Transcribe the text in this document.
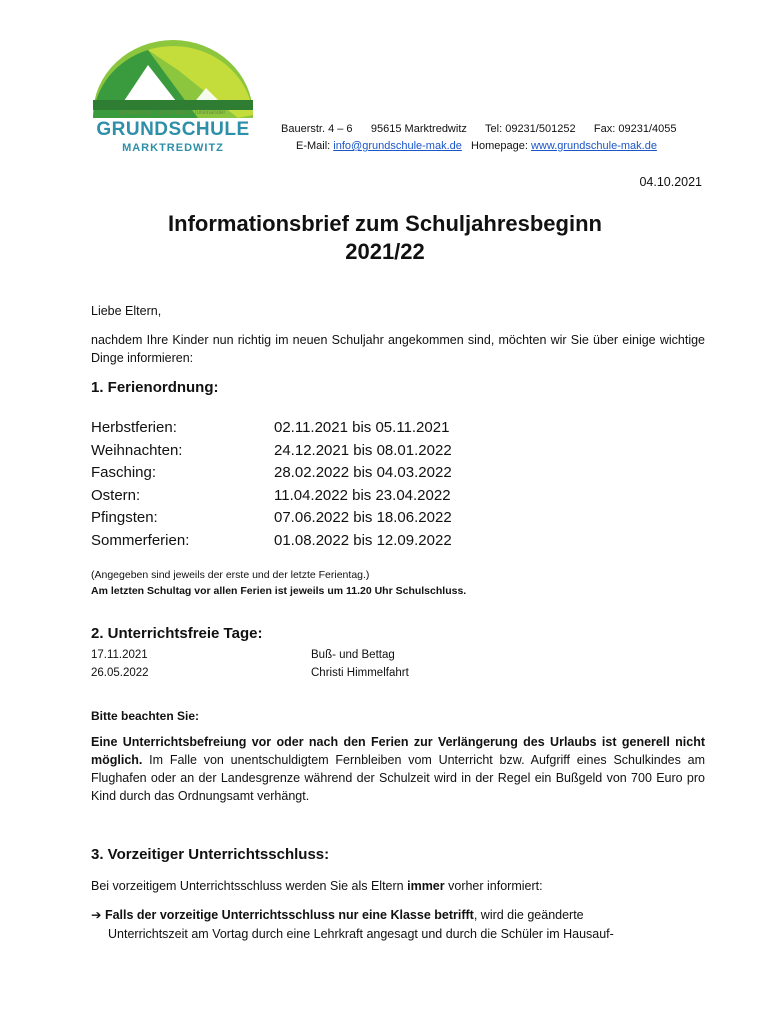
miteinander · voneinander · füreinander
GRUNDSCHULE
MARKTREDWITZ
Bauerstr. 4 – 6 95615 Marktredwitz Tel: 09231/501252 Fax: 09231/4055
E-Mail: info@grundschule-mak.de Homepage: www.grundschule-mak.de
04.10.2021
Informationsbrief zum Schuljahresbeginn
2021/22
Liebe Eltern,
nachdem Ihre Kinder nun richtig im neuen Schuljahr angekommen sind, möchten wir Sie über einige wichtige Dinge informieren:
1. Ferienordnung:
Herbstferien:	02.11.2021 bis 05.11.2021
Weihnachten:	24.12.2021 bis 08.01.2022
Fasching:	28.02.2022 bis 04.03.2022
Ostern:	11.04.2022 bis 23.04.2022
Pfingsten:	07.06.2022 bis 18.06.2022
Sommerferien:	01.08.2022 bis 12.09.2022
(Angegeben sind jeweils der erste und der letzte Ferientag.)
Am letzten Schultag vor allen Ferien ist jeweils um 11.20 Uhr Schulschluss.
2. Unterrichtsfreie Tage:
17.11.2021	Buß- und Bettag
26.05.2022	Christi Himmelfahrt
Bitte beachten Sie:
Eine Unterrichtsbefreiung vor oder nach den Ferien zur Verlängerung des Urlaubs ist generell nicht möglich. Im Falle von unentschuldigtem Fernbleiben vom Unterricht bzw. Aufgriff eines Schulkindes am Flughafen oder an der Landesgrenze während der Schulzeit wird in der Regel ein Bußgeld von 700 Euro pro Kind durch das Ordnungsamt verhängt.
3. Vorzeitiger Unterrichtsschluss:
Bei vorzeitigem Unterrichtsschluss werden Sie als Eltern immer vorher informiert:
➔ Falls der vorzeitige Unterrichtsschluss nur eine Klasse betrifft, wird die geänderte
Unterrichtszeit am Vortag durch eine Lehrkraft angesagt und durch die Schüler im Hausauf-
